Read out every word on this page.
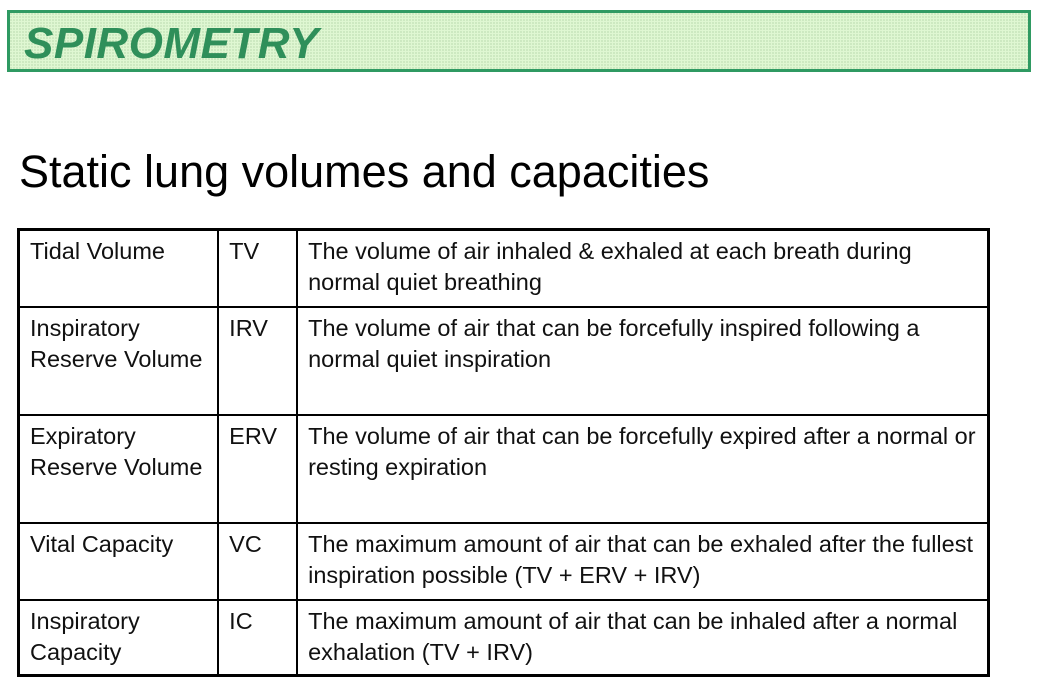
SPIROMETRY
Static lung volumes and capacities
Tidal Volume	TV	The volume of air inhaled & exhaled at each breath during normal quiet breathing
Inspiratory Reserve Volume	IRV	The volume of air that can be forcefully inspired following a normal quiet inspiration
Expiratory Reserve Volume	ERV	The volume of air that can be forcefully expired after a normal or resting expiration
Vital Capacity	VC	The maximum amount of air that can be exhaled after the fullest inspiration possible (TV + ERV + IRV)
Inspiratory Capacity	IC	The maximum amount of air that can be inhaled after a normal exhalation (TV + IRV)
